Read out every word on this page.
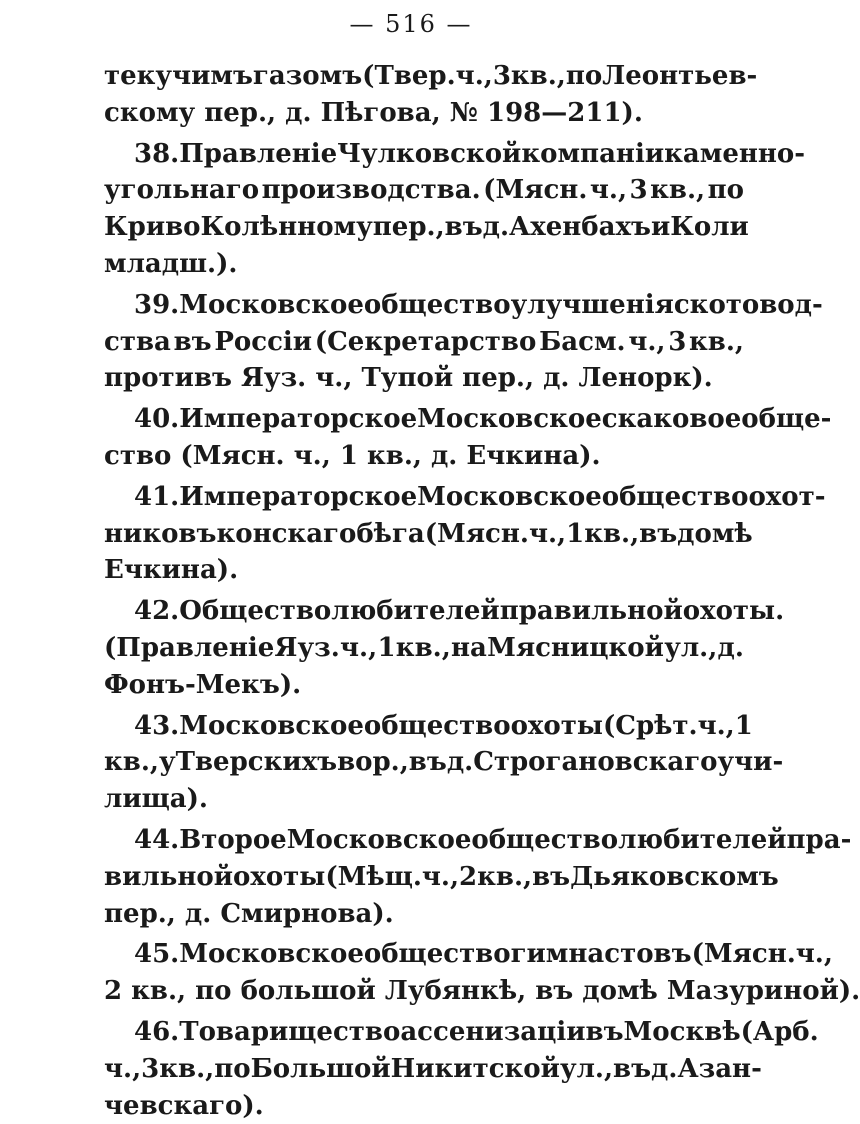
— 516 —
текучимъ газомъ (Твер. ч., 3 кв., по Леонтьев-
скому пер., д. Пѣгова, № 198—211).
38. Правленіе Чулковской компаніи каменно-
угольнаго производства. (Мясн. ч., 3 кв., по
Криво Колѣнному пер., въ д. Ахенбахъ и Коли
младш.).
39. Московское общество улучшенія скотовод-
ства въ Россіи (Секретарство Басм. ч., 3 кв.,
противъ Яуз. ч., Тупой пер., д. Ленорк).
40. Императорское Московское скаковое обще-
ство (Мясн. ч., 1 кв., д. Ечкина).
41. Императорское Московское общество охот-
никовъ конскаго бѣга (Мясн. ч., 1 кв., въ домѣ
Ечкина).
42. Общество любителей правильной охоты.
(Правленіе Яуз. ч., 1 кв., на Мясницкой ул., д.
Фонъ-Мекъ).
43. Московское общество охоты (Срѣт. ч., 1
кв., у Тверскихъ вор., въ д. Строгановскаго учи-
лища).
44. Второе Московское общество любителей пра-
вильной охоты (Мѣщ. ч., 2 кв., въ Дьяковскомъ
пер., д. Смирнова).
45. Московское общество гимнастовъ (Мясн. ч.,
2 кв., по большой Лубянкѣ, въ домѣ Мазуриной).
46. Товарищество ассенизаціи въ Москвѣ (Арб.
ч., 3 кв., по Большой Никитской ул., въ д. Азан-
чевскаго).
